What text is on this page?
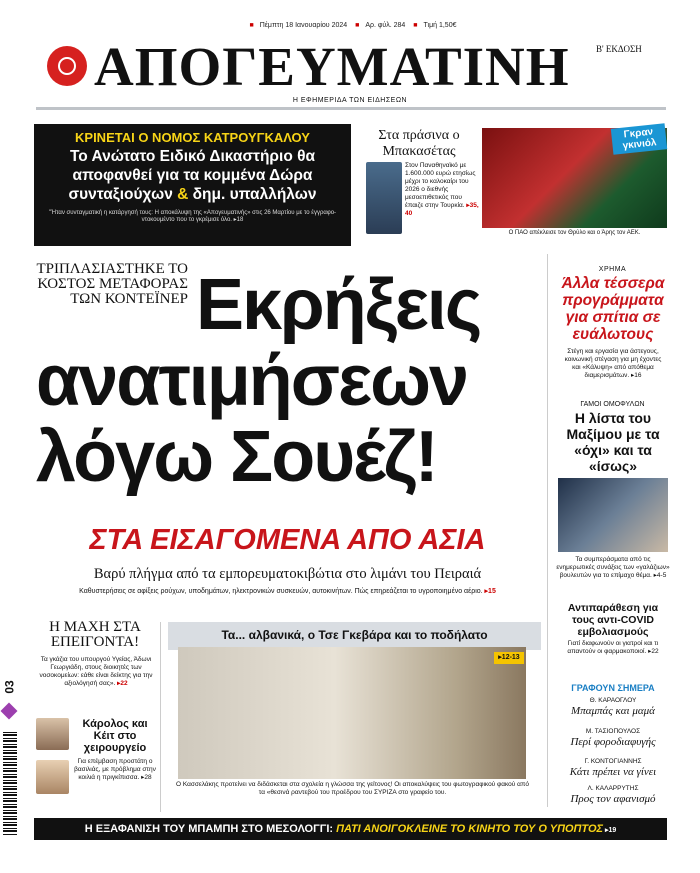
■ Πέμπτη 18 Ιανουαρίου 2024 ■ Αρ. φύλ. 284 ■ Τιμή 1,50€
ΑΠΟΓΕΥΜΑΤΙΝΗ	Β' ΕΚΔΟΣΗ
Η ΕΦΗΜΕΡΙΔΑ ΤΩΝ ΕΙΔΗΣΕΩΝ
ΚΡΙΝΕΤΑΙ Ο ΝΟΜΟΣ ΚΑΤΡΟΥΓΚΑΛΟΥ
Το Ανώτατο Ειδικό Δικαστήριο θα αποφανθεί για τα κομμένα Δώρα συνταξιούχων & δημ. υπαλλήλων
"Ήταν συνταγματική η κατάργησή τους: Η αποκάλυψη της «Απογευματινής» στις 26 Μαρτίου με το έγγραφο-ντοκουμέντο που το γκρέμισε όλο. ▸18
Στα πράσινα ο Μπακασέτας
Στον Παναθηναϊκό με 1.600.000 ευρώ ετησίως μέχρι το καλοκαίρι του 2026 ο διεθνής μεσοεπιθετικός που έπαιζε στην Τουρκία. ▸35, 40
Γκραν γκινιόλ
Ο ΠΑΟ απέκλεισε τον Θρύλο και ο Άρης τον ΑΕΚ.
ΤΡΙΠΛΑΣΙΑΣΤΗΚΕ ΤΟ ΚΟΣΤΟΣ ΜΕΤΑΦΟΡΑΣ ΤΩΝ ΚΟΝΤΕΪΝΕΡ Εκρήξεις
ανατιμήσεων
λόγω Σουέζ!
ΣΤΑ ΕΙΣΑΓΟΜΕΝΑ ΑΠΟ ΑΣΙΑ
Βαρύ πλήγμα από τα εμπορευματοκιβώτια στο λιμάνι του Πειραιά
Καθυστερήσεις σε αφίξεις ρούχων, υποδημάτων, ηλεκτρονικών συσκευών, αυτοκινήτων. Πώς επηρεάζεται το υγροποιημένο αέριο. ▸15
ΧΡΗΜΑ
Άλλα τέσσερα προγράμματα για σπίτια σε ευάλωτους
Στέγη και εργασία για άστεγους, κοινωνική στέγαση για μη έχοντες και «Κάλυψη» από απόθεμα διαμερισμάτων. ▸16
ΓΑΜΟΙ ΟΜΟΦΥΛΩΝ
Η λίστα του Μαξίμου με τα «όχι» και τα «ίσως»
Τα συμπεράσματα από τις ενημερωτικές συνάξεις των «γαλάζιων» βουλευτών για το επίμαχο θέμα. ▸4-5
Αντιπαράθεση για τους αντι-COVID εμβολιασμούς
Γιατί διαφωνούν οι γιατροί και τι απαντούν οι φαρμακοποιοί. ▸22
ΓΡΑΦΟΥΝ ΣΗΜΕΡΑ
Θ. ΚΑΡΑΟΓΛΟΥ
Μπαμπάς και μαμά
Μ. ΤΑΣΙΟΠΟΥΛΟΣ
Περί φοροδιαφυγής
Γ. ΚΟΝΤΟΓΙΑΝΝΗΣ
Κάτι πρέπει να γίνει
Λ. ΚΑΛΑΡΡΥΤΗΣ
Προς τον αφανισμό
Η ΜΑΧΗ ΣΤΑ ΕΠΕΙΓΟΝΤΑ!
Τα γκάζια του υπουργού Υγείας, Άδωνι Γεωργιάδη, στους διοικητές των νοσοκομείων: εάθε είναι δείκτης για την αξιολόγησή σας». ▸22
Κάρολος και Κέιτ στο χειρουργείο
Για επέμβαση προστάτη ο βασιλιάς, με πρόβλημα στην κοιλιά η πριγκίπισσα. ▸28
Τα... αλβανικά, ο Τσε Γκεβάρα και το ποδήλατο
▸12-13
Ο Κασσελάκης προτείνει να διδάσκεται στα σχολεία η γλώσσα της γείτονος! Οι αποκαλύψεις του φωτογραφικού φακού από τα «θεσινά ραντεβού του προέδρου του ΣΥΡΙΖΑ στο γραφείο του.
03
Η ΕΞΑΦΑΝΙΣΗ ΤΟΥ ΜΠΑΜΠΗ ΣΤΟ ΜΕΣΟΛΟΓΓΙ: ΠΑΤΙ ΑΝΟΙΓΟΚΛΕΙΝΕ ΤΟ ΚΙΝΗΤΟ ΤΟΥ Ο ΥΠΟΠΤΟΣ ▸19
